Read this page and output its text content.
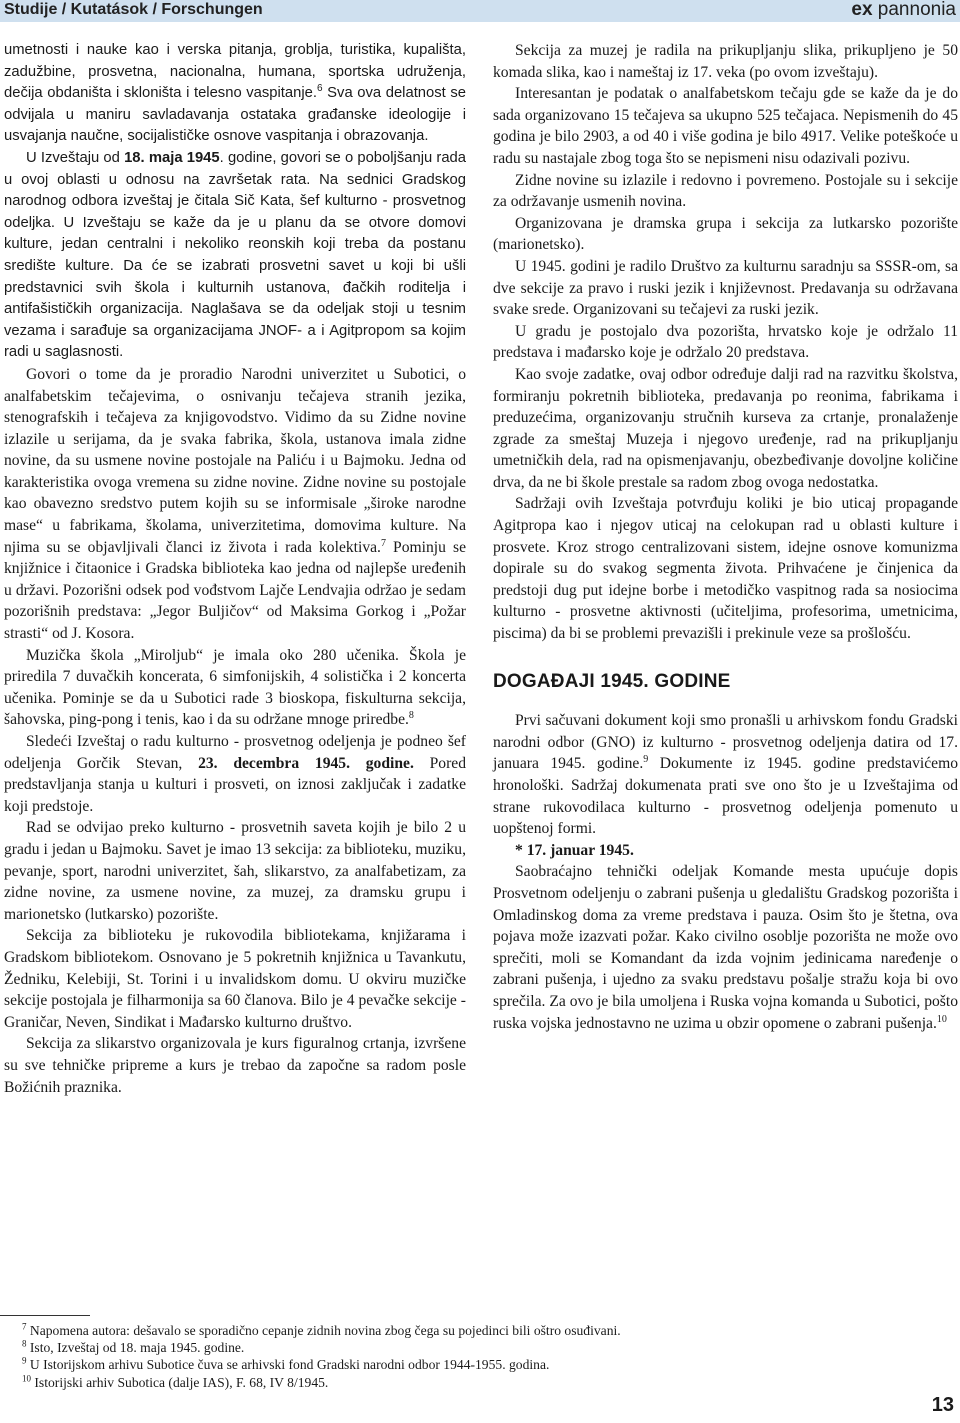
Studije / Kutatások / Forschungen	ex pannonia

umetnosti i nauke kao i verska pitanja, groblja, turistika, kupališta, zadužbine, prosvetna, nacionalna, humana, sportska udruženja, dečija obdaništa i skloništa i telesno vaspitanje.$^6$ Sva ova delatnost se odvijala u maniru savladavanja ostataka građanske ideologije i usvajanja naučne, socijalističke osnove vaspitanja i obrazovanja.

U Izveštaju od 18. maja 1945. godine, govori se o poboljšanju rada u ovoj oblasti u odnosu na završetak rata. Na sednici Gradskog narodnog odbora izveštaj je čitala Sič Kata, šef kulturno - prosvetnog odeljka. U Izveštaju se kaže da je u planu da se otvore domovi kulture, jedan centralni i nekoliko reonskih koji treba da postanu središte kulture. Da će se izabrati prosvetni savet u koji bi ušli predstavnici svih škola i kulturnih ustanova, đačkih roditelja i antifašističkih organizacija. Naglašava se da odeljak stoji u tesnim vezama i sarađuje sa organizacijama JNOF- a i Agitpropom sa kojim radi u saglasnosti.

Govori o tome da je proradio Narodni univerzitet u Subotici, o analfabetskim tečajevima, o osnivanju tečajeva stranih jezika, stenografskih i tečajeva za knjigovodstvo. Vidimo da su Zidne novine izlazile u serijama, da je svaka fabrika, škola, ustanova imala zidne novine, da su usmene novine postojale na Paliću i u Bajmoku. Jedna od karakteristika ovoga vremena su zidne novine. Zidne novine su postojale kao obavezno sredstvo putem kojih su se informisale „široke narodne mase“ u fabrikama, školama, univerzitetima, domovima kulture. Na njima su se objavljivali članci iz života i rada kolektiva.$^7$ Pominju se knjižnice i čitaonice i Gradska biblioteka kao jedna od najlepše uređenih u državi. Pozorišni odsek pod vođstvom Lajče Lendvajia održao je sedam pozorišnih predstava: „Jegor Buljičov“ od Maksima Gorkog i „Požar strasti“ od J. Kosora.

Muzička škola „Miroljub“ je imala oko 280 učenika. Škola je priredila 7 duvačkih koncerata, 6 simfonijskih, 4 solistička i 2 koncerta učenika. Pominje se da u Subotici rade 3 bioskopa, fiskulturna sekcija, šahovska, ping-pong i tenis, kao i da su održane mnoge priredbe.$^8$

Sledeći Izveštaj o radu kulturno - prosvetnog odeljenja je podneo šef odeljenja Gorčik Stevan, 23. decembra 1945. godine. Pored predstavljanja stanja u kulturi i prosveti, on iznosi zaključak i zadatke koji predstoje.

Rad se odvijao preko kulturno - prosvetnih saveta kojih je bilo 2 u gradu i jedan u Bajmoku. Savet je imao 13 sekcija: za biblioteku, muziku, pevanje, sport, narodni univerzitet, šah, slikarstvo, za analfabetizam, za zidne novine, za usmene novine, za muzej, za dramsku grupu i marionetsko (lutkarsko) pozorište.

Sekcija za biblioteku je rukovodila bibliotekama, knjižarama i Gradskom bibliotekom. Osnovano je 5 pokretnih knjižnica u Tavankutu, Žedniku, Kelebiji, St. Torini i u invalidskom domu. U okviru muzičke sekcije postojala je filharmonija sa 60 članova. Bilo je 4 pevačke sekcije - Graničar, Neven, Sindikat i Mađarsko kulturno društvo.

Sekcija za slikarstvo organizovala je kurs figuralnog crtanja, izvršene su sve tehničke pripreme a kurs je trebao da započne sa radom posle Božićnih praznika.

Sekcija za muzej je radila na prikupljanju slika, prikupljeno je 50 komada slika, kao i nameštaj iz 17. veka (po ovom izveštaju).

Interesantan je podatak o analfabetskom tečaju gde se kaže da je do sada organizovano 15 tečajeva sa ukupno 525 tečajaca. Nepismenih do 45 godina je bilo 2903, a od 40 i više godina je bilo 4917. Velike poteškoće u radu su nastajale zbog toga što se nepismeni nisu odazivali pozivu.

Zidne novine su izlazile i redovno i povremeno. Postojale su i sekcije za održavanje usmenih novina.

Organizovana je dramska grupa i sekcija za lutkarsko pozorište (marionetsko).

U 1945. godini je radilo Društvo za kulturnu saradnju sa SSSR-om, sa dve sekcije za pravo i ruski jezik i književnost. Predavanja su održavana svake srede. Organizovani su tečajevi za ruski jezik.

U gradu je postojalo dva pozorišta, hrvatsko koje je održalo 11 predstava i mađarsko koje je održalo 20 predstava.

Kao svoje zadatke, ovaj odbor određuje dalji rad na razvitku školstva, formiranju pokretnih biblioteka, predavanja po reonima, fabrikama i preduzećima, organizovanju stručnih kurseva za crtanje, pronalaženje zgrade za smeštaj Muzeja i njegovo uređenje, rad na prikupljanju umetničkih dela, rad na opismenjavanju, obezbeđivanje dovoljne količine drva, da ne bi škole prestale sa radom zbog ovoga nedostatka.

Sadržaji ovih Izveštaja potvrđuju koliki je bio uticaj propagande Agitpropa kao i njegov uticaj na celokupan rad u oblasti kulture i prosvete. Kroz strogo centralizovani sistem, idejne osnove komunizma dopirale su do svakog segmenta života. Prihvaćene je činjenica da predstoji dug put idejne borbe i metodičko vaspitnog rada sa nosiocima kulturno - prosvetne aktivnosti (učiteljima, profesorima, umetnicima, piscima) da bi se problemi prevazišli i prekinule veze sa prošlošću.

DOGAĐAJI 1945. GODINE

Prvi sačuvani dokument koji smo pronašli u arhivskom fondu Gradski narodni odbor (GNO) iz kulturno - prosvetnog odeljenja datira od 17. januara 1945. godine.$^9$ Dokumente iz 1945. godine predstavićemo hronološki. Sadržaj dokumenata prati sve ono što je u Izveštajima od strane rukovodilaca kulturno - prosvetnog odeljenja pomenuto u uopštenoj formi.

* 17. januar 1945.

Saobraćajno tehnički odeljak Komande mesta upućuje dopis Prosvetnom odeljenju o zabrani pušenja u gledalištu Gradskog pozorišta i Omladinskog doma za vreme predstava i pauza. Osim što je štetna, ova pojava može izazvati požar. Kako civilno osoblje pozorišta ne može ovo sprečiti, moli se Komandant da izda vojnim jedinicama naređenje o zabrani pušenja, i ujedno za svaku predstavu pošalje stražu koja bi ovo sprečila. Za ovo je bila umoljena i Ruska vojna komanda u Subotici, pošto ruska vojska jednostavno ne uzima u obzir opomene o zabrani pušenja.$^{10}$

$^7$ Napomena autora: dešavalo se sporadično cepanje zidnih novina zbog čega su pojedinci bili oštro osuđivani.
$^8$ Isto, Izveštaj od 18. maja 1945. godine.
$^9$ U Istorijskom arhivu Subotice čuva se arhivski fond Gradski narodni odbor 1944-1955. godina.
$^{10}$ Istorijski arhiv Subotica (dalje IAS), F. 68, IV 8/1945.
13
